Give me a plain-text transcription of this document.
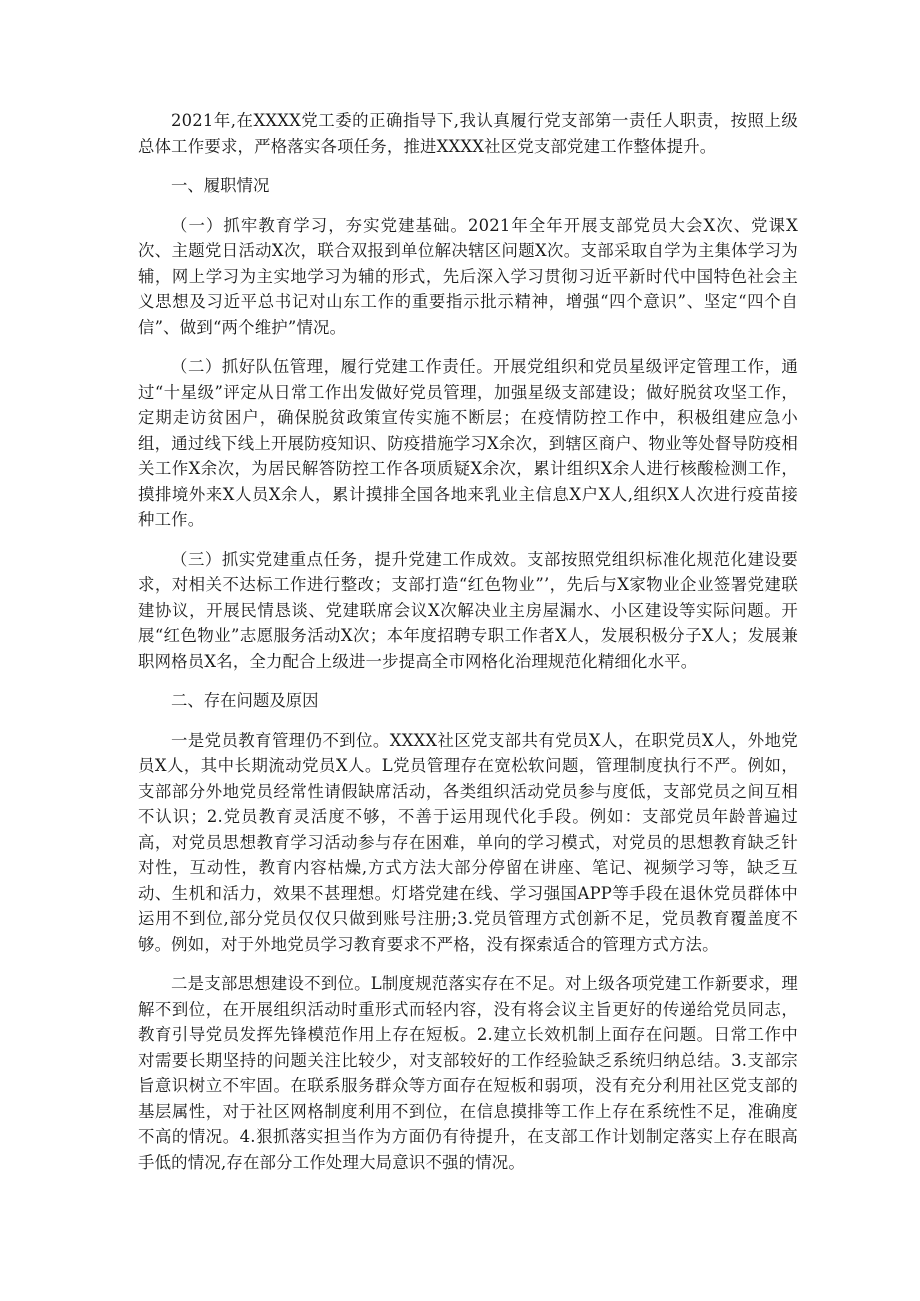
2021年,在XXXX党工委的正确指导下,我认真履行党支部第一责任人职责，按照上级总体工作要求，严格落实各项任务，推进XXXX社区党支部党建工作整体提升。

一、履职情况

（一）抓牢教育学习，夯实党建基础。2021年全年开展支部党员大会X次、党课X次、主题党日活动X次，联合双报到单位解决辖区问题X次。支部采取自学为主集体学习为辅，网上学习为主实地学习为辅的形式，先后深入学习贯彻习近平新时代中国特色社会主义思想及习近平总书记对山东工作的重要指示批示精神，增强“四个意识”、坚定“四个自信”、做到“两个维护”情况。

（二）抓好队伍管理，履行党建工作责任。开展党组织和党员星级评定管理工作，通过“十星级”评定从日常工作出发做好党员管理，加强星级支部建设；做好脱贫攻坚工作，定期走访贫困户，确保脱贫政策宣传实施不断层；在疫情防控工作中，积极组建应急小组，通过线下线上开展防疫知识、防疫措施学习X余次，到辖区商户、物业等处督导防疫相关工作X余次，为居民解答防控工作各项质疑X余次，累计组织X余人进行核酸检测工作，摸排境外来X人员X余人，累计摸排全国各地来乳业主信息X户X人,组织X人次进行疫苗接种工作。

（三）抓实党建重点任务，提升党建工作成效。支部按照党组织标准化规范化建设要求，对相关不达标工作进行整改；支部打造“红色物业”’，先后与X家物业企业签署党建联建协议，开展民情恳谈、党建联席会议X次解决业主房屋漏水、小区建设等实际问题。开展“红色物业”志愿服务活动X次；本年度招聘专职工作者X人，发展积极分子X人；发展兼职网格员X名，全力配合上级进一步提高全市网格化治理规范化精细化水平。

二、存在问题及原因

一是党员教育管理仍不到位。XXXX社区党支部共有党员X人，在职党员X人，外地党员X人，其中长期流动党员X人。L党员管理存在宽松软问题，管理制度执行不严。例如，支部部分外地党员经常性请假缺席活动，各类组织活动党员参与度低，支部党员之间互相不认识；2.党员教育灵活度不够，不善于运用现代化手段。例如：支部党员年龄普遍过高，对党员思想教育学习活动参与存在困难，单向的学习模式，对党员的思想教育缺乏针对性，互动性，教育内容枯燥,方式方法大部分停留在讲座、笔记、视频学习等，缺乏互动、生机和活力，效果不甚理想。灯塔党建在线、学习强国APP等手段在退休党员群体中运用不到位,部分党员仅仅只做到账号注册;3.党员管理方式创新不足，党员教育覆盖度不够。例如，对于外地党员学习教育要求不严格，没有探索适合的管理方式方法。

二是支部思想建设不到位。L制度规范落实存在不足。对上级各项党建工作新要求，理解不到位，在开展组织活动时重形式而轻内容，没有将会议主旨更好的传递给党员同志，教育引导党员发挥先锋模范作用上存在短板。2.建立长效机制上面存在问题。日常工作中对需要长期坚持的问题关注比较少，对支部较好的工作经验缺乏系统归纳总结。3.支部宗旨意识树立不牢固。在联系服务群众等方面存在短板和弱项，没有充分利用社区党支部的基层属性，对于社区网格制度利用不到位，在信息摸排等工作上存在系统性不足，准确度不高的情况。4.狠抓落实担当作为方面仍有待提升，在支部工作计划制定落实上存在眼高手低的情况,存在部分工作处理大局意识不强的情况。
